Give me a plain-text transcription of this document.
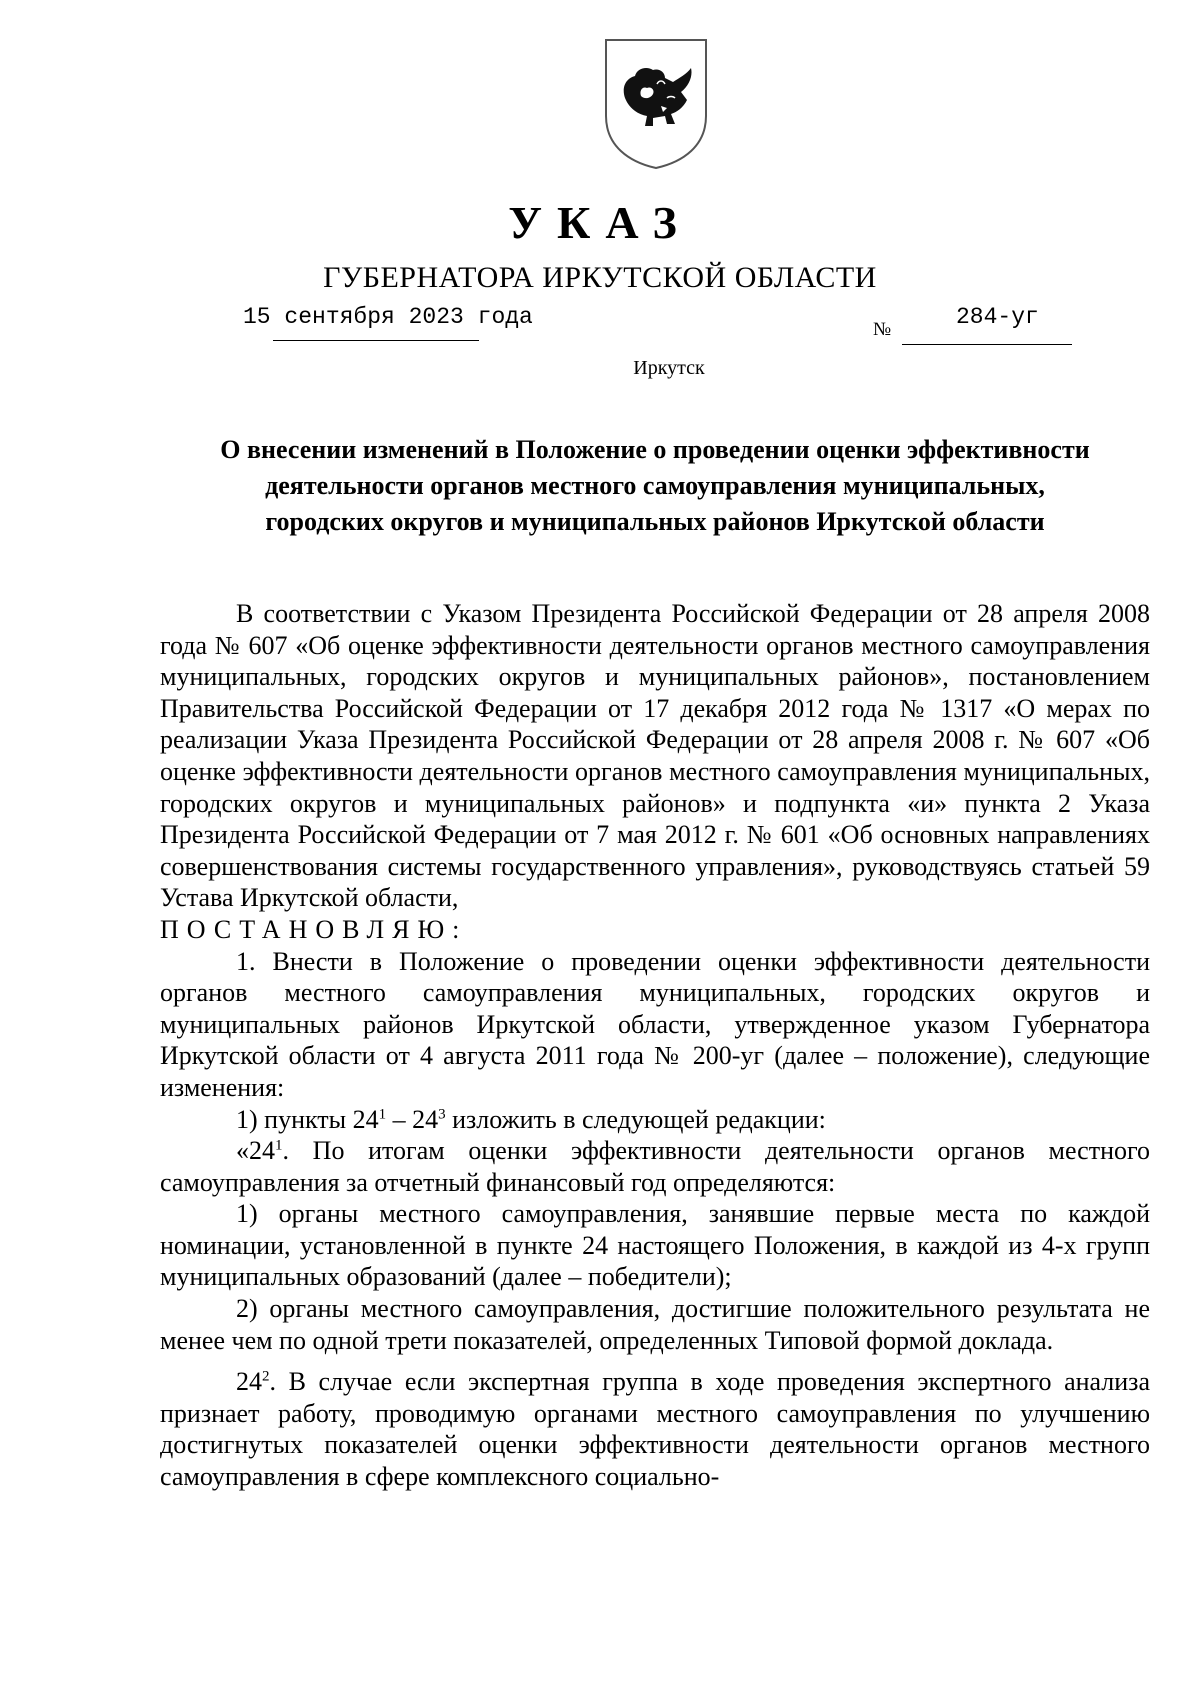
УКАЗ
ГУБЕРНАТОРА ИРКУТСКОЙ ОБЛАСТИ
15 сентября 2023 года	№	284-уг
Иркутск
О внесении изменений в Положение о проведении оценки эффективности
деятельности органов местного самоуправления муниципальных,
городских округов и муниципальных районов Иркутской области

В соответствии с Указом Президента Российской Федерации от 28 апреля 2008 года № 607 «Об оценке эффективности деятельности органов местного самоуправления муниципальных, городских округов и муниципальных районов», постановлением Правительства Российской Федерации от 17 декабря 2012 года № 1317 «О мерах по реализации Указа Президента Российской Федерации от 28 апреля 2008 г. № 607 «Об оценке эффективности деятельности органов местного самоуправления муниципальных, городских округов и муниципальных районов» и подпункта «и» пункта 2 Указа Президента Российской Федерации от 7 мая 2012 г. № 601 «Об основных направлениях совершенствования системы государственного управления», руководствуясь статьей 59 Устава Иркутской области,

ПОСТАНОВЛЯЮ:

1. Внести в Положение о проведении оценки эффективности деятельности органов местного самоуправления муниципальных, городских округов и муниципальных районов Иркутской области, утвержденное указом Губернатора Иркутской области от 4 августа 2011 года № 200-уг (далее – положение), следующие изменения:

1) пункты $24^1 - 24^3$ изложить в следующей редакции:

«$24^1$. По итогам оценки эффективности деятельности органов местного самоуправления за отчетный финансовый год определяются:

1) органы местного самоуправления, занявшие первые места по каждой номинации, установленной в пункте 24 настоящего Положения, в каждой из 4-х групп муниципальных образований (далее – победители);

2) органы местного самоуправления, достигшие положительного результата не менее чем по одной трети показателей, определенных Типовой формой доклада.

$24^2$. В случае если экспертная группа в ходе проведения экспертного анализа признает работу, проводимую органами местного самоуправления по улучшению достигнутых показателей оценки эффективности деятельности органов местного самоуправления в сфере комплексного социально-
